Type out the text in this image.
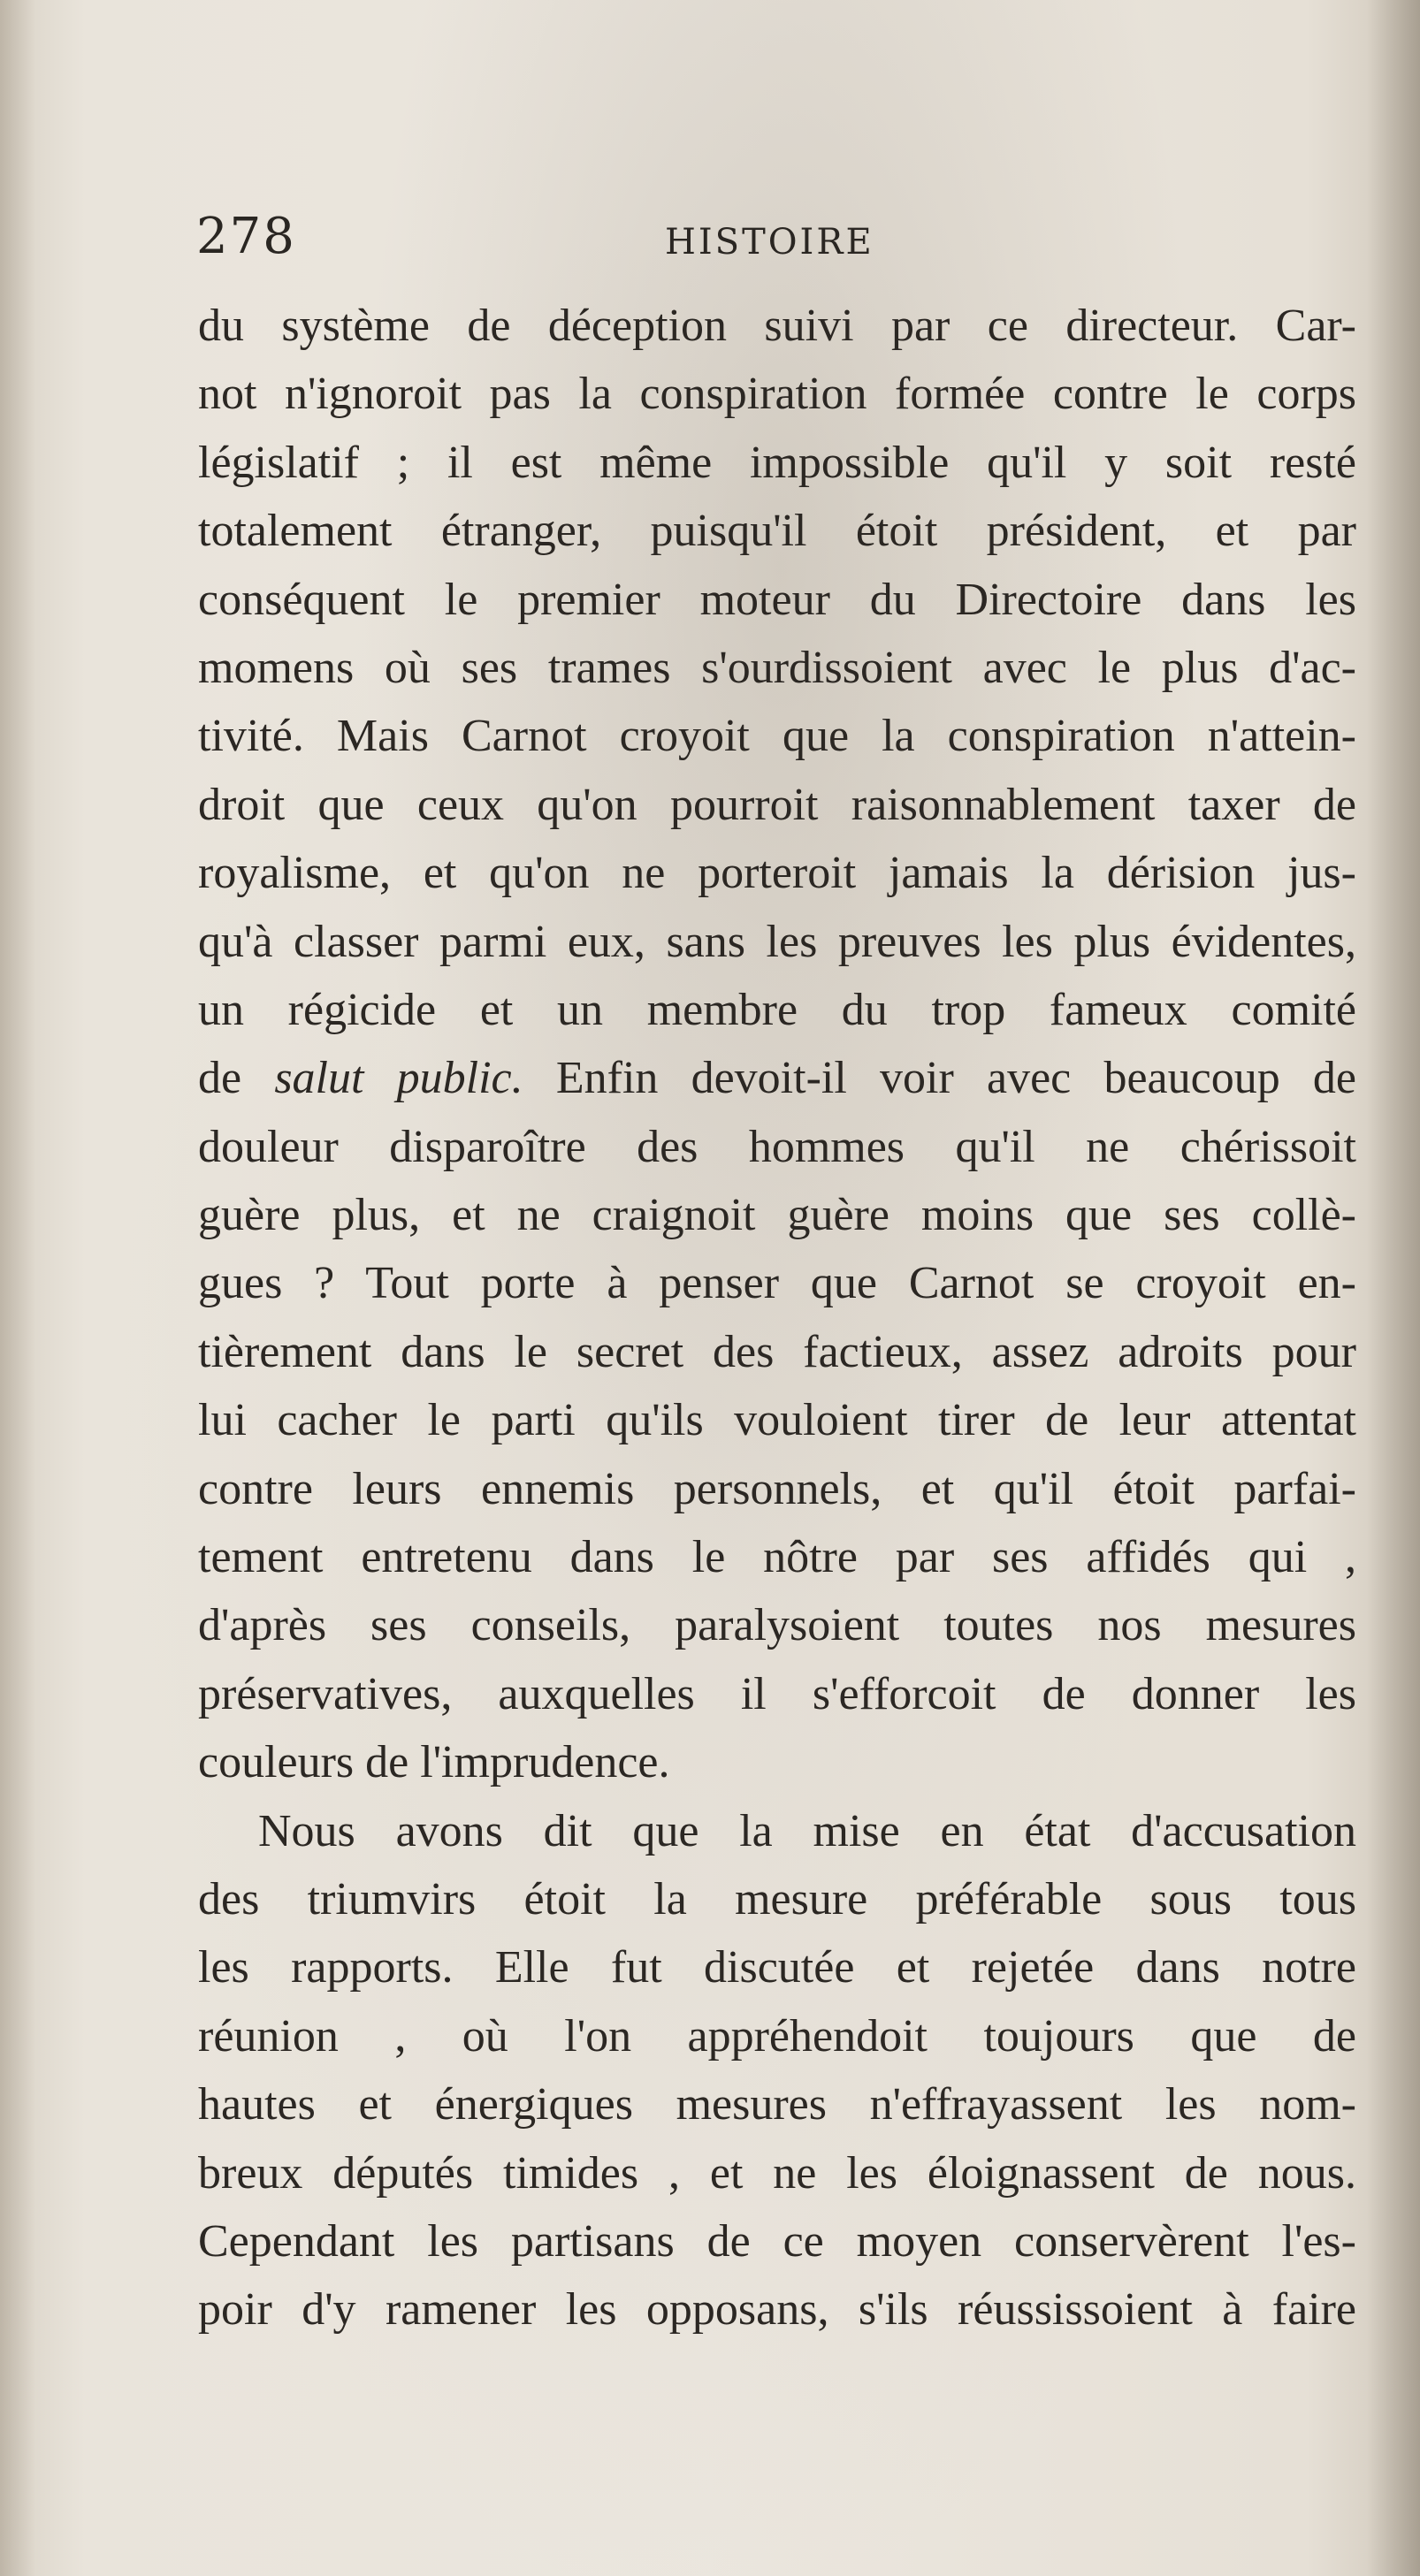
278	HISTOIRE
du système de déception suivi par ce directeur. Car-
not n'ignoroit pas la conspiration formée contre le corps
législatif ; il est même impossible qu'il y soit resté
totalement étranger, puisqu'il étoit président, et par
conséquent le premier moteur du Directoire dans les
momens où ses trames s'ourdissoient avec le plus d'ac-
tivité. Mais Carnot croyoit que la conspiration n'attein-
droit que ceux qu'on pourroit raisonnablement taxer de
royalisme, et qu'on ne porteroit jamais la dérision jus-
qu'à classer parmi eux, sans les preuves les plus évidentes,
un régicide et un membre du trop fameux comité
de salut public. Enfin devoit-il voir avec beaucoup de
douleur disparoître des hommes qu'il ne chérissoit
guère plus, et ne craignoit guère moins que ses collè-
gues ? Tout porte à penser que Carnot se croyoit en-
tièrement dans le secret des factieux, assez adroits pour
lui cacher le parti qu'ils vouloient tirer de leur attentat
contre leurs ennemis personnels, et qu'il étoit parfai-
tement entretenu dans le nôtre par ses affidés qui ,
d'après ses conseils, paralysoient toutes nos mesures
préservatives, auxquelles il s'efforcoit de donner les
couleurs de l'imprudence.
Nous avons dit que la mise en état d'accusation
des triumvirs étoit la mesure préférable sous tous
les rapports. Elle fut discutée et rejetée dans notre
réunion , où l'on appréhendoit toujours que de
hautes et énergiques mesures n'effrayassent les nom-
breux députés timides , et ne les éloignassent de nous.
Cependant les partisans de ce moyen conservèrent l'es-
poir d'y ramener les opposans, s'ils réussissoient à faire
